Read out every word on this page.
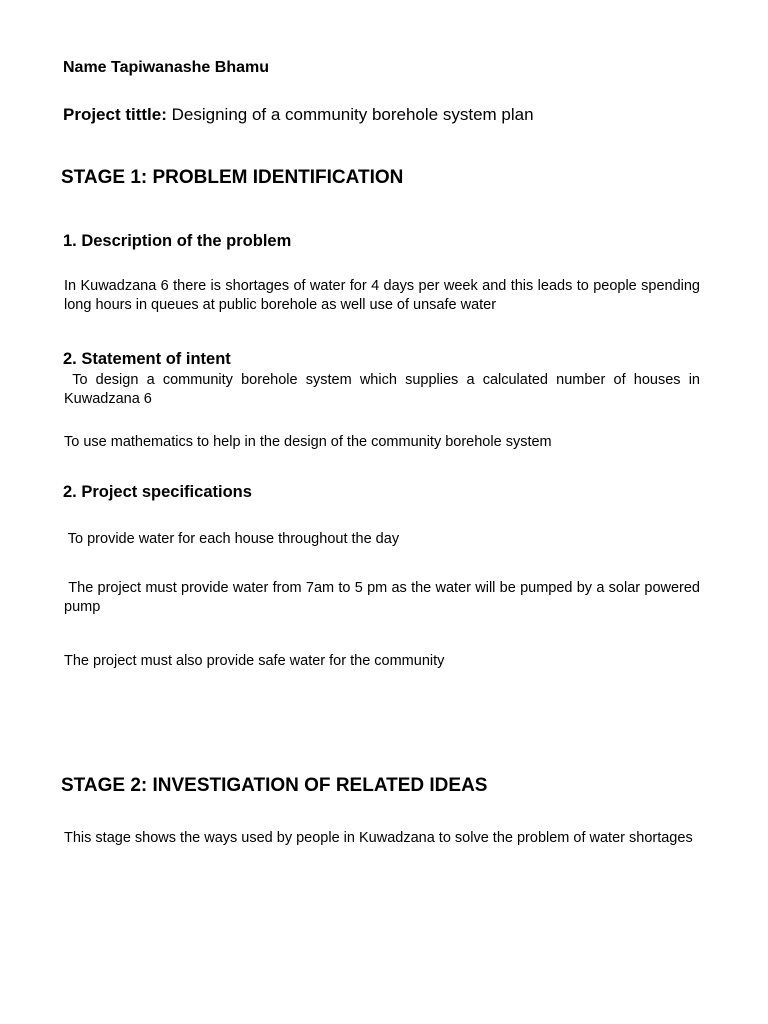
Name Tapiwanashe Bhamu

Project tittle: Designing of a community borehole system plan

STAGE 1: PROBLEM IDENTIFICATION
1. Description of the problem

In Kuwadzana 6 there is shortages of water for 4 days per week and this leads to people spending long hours in queues at public borehole as well use of unsafe water

2. Statement of intent

To design a community borehole system which supplies a calculated number of houses in Kuwadzana 6

To use mathematics to help in the design of the community borehole system

2. Project specifications

To provide water for each house throughout the day

The project must provide water from 7am to 5 pm as the water will be pumped by a solar powered pump

The project must also provide safe water for the community

STAGE 2: INVESTIGATION OF RELATED IDEAS

This stage shows the ways used by people in Kuwadzana to solve the problem of water shortages
